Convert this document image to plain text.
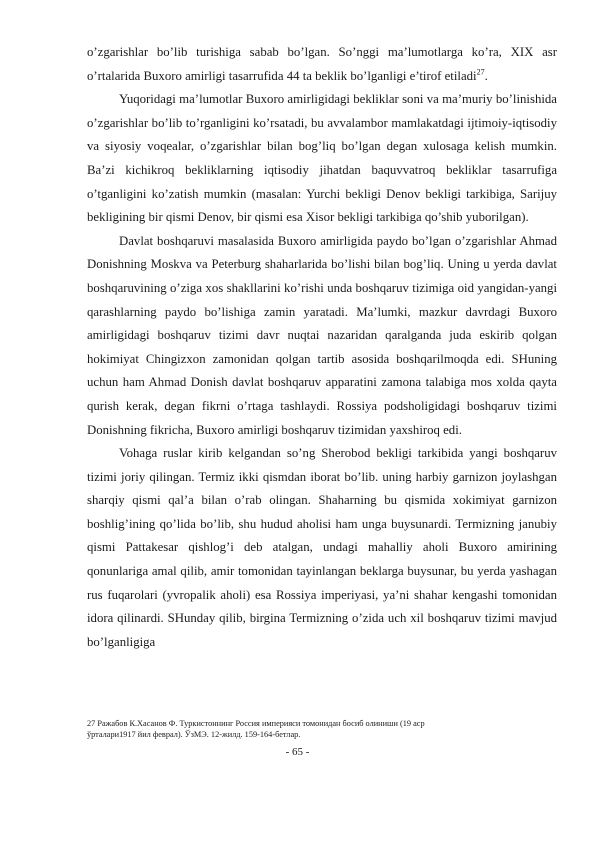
o’zgarishlar bo’lib turishiga sabab bo’lgan. So’nggi ma’lumotlarga ko’ra, XIX asr o’rtalarida Buxoro amirligi tasarrufida 44 ta beklik bo’lganligi e’tirof etiladi$^{27}$.

Yuqoridagi ma’lumotlar Buxoro amirligidagi bekliklar soni va ma’muriy bo’linishida o’zgarishlar bo’lib to’rganligini ko’rsatadi, bu avvalambor mamlakatdagi ijtimoiy-iqtisodiy va siyosiy voqealar, o’zgarishlar bilan bog’liq bo’lgan degan xulosaga kelish mumkin. Ba’zi kichikroq bekliklarning iqtisodiy jihatdan baquvvatroq bekliklar tasarrufiga o’tganligini ko’zatish mumkin (masalan: Yurchi bekligi Denov bekligi tarkibiga, Sarijuy bekligining bir qismi Denov, bir qismi esa Xisor bekligi tarkibiga qo’shib yuborilgan).

Davlat boshqaruvi masalasida Buxoro amirligida paydo bo’lgan o’zgarishlar Ahmad Donishning Moskva va Peterburg shaharlarida bo’lishi bilan bog’liq. Uning u yerda davlat boshqaruvining o’ziga xos shakllarini ko’rishi unda boshqaruv tizimiga oid yangidan-yangi qarashlarning paydo bo’lishiga zamin yaratadi. Ma’lumki, mazkur davrdagi Buxoro amirligidagi boshqaruv tizimi davr nuqtai nazaridan qaralganda juda eskirib qolgan hokimiyat Chingizxon zamonidan qolgan tartib asosida boshqarilmoqda edi. SHuning uchun ham Ahmad Donish davlat boshqaruv apparatini zamona talabiga mos xolda qayta qurish kerak, degan fikrni o’rtaga tashlaydi. Rossiya podsholigidagi boshqaruv tizimi Donishning fikricha, Buxoro amirligi boshqaruv tizimidan yaxshiroq edi.

Vohaga ruslar kirib kelgandan so’ng Sherobod bekligi tarkibida yangi boshqaruv tizimi joriy qilingan. Termiz ikki qismdan iborat bo’lib. uning harbiy garnizon joylashgan sharqiy qismi qal’a bilan o’rab olingan. Shaharning bu qismida xokimiyat garnizon boshlig’ining qo’lida bo’lib, shu hudud aholisi ham unga buysunardi. Termizning janubiy qismi Pattakesar qishlog’i deb atalgan, undagi mahalliy aholi Buxoro amirining qonunlariga amal qilib, amir tomonidan tayinlangan beklarga buysunar, bu yerda yashagan rus fuqarolari (yvropalik aholi) esa Rossiya imperiyasi, ya’ni shahar kengashi tomonidan idora qilinardi. SHunday qilib, birgina Termizning o’zida uch xil boshqaruv tizimi mavjud bo’lganligiga

27 Ражабов К.Хасанов Ф. Туркистоннинг Россия империяси томонидан босиб олиниши (19 аср
ўрталари1917 йил феврал). ЎзМЭ. 12-жилд. 159-164-бетлар.
- 65 -
